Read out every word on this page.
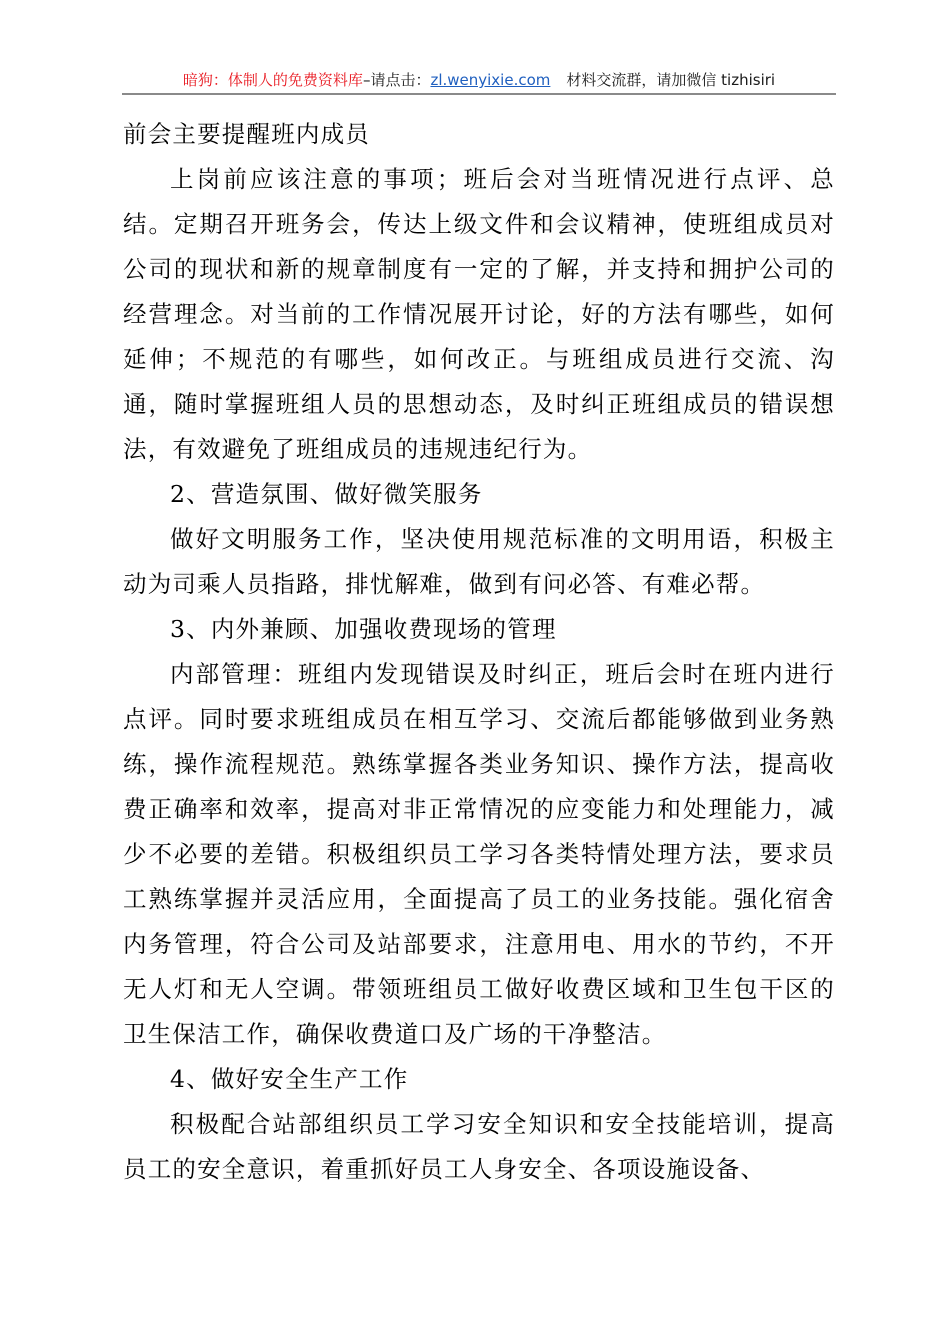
暗狗：体制人的免费资料库–请点击：zl.wenyixie.com 材料交流群，请加微信 tizhisiri

前会主要提醒班内成员

上岗前应该注意的事项；班后会对当班情况进行点评、总结。定期召开班务会，传达上级文件和会议精神，使班组成员对公司的现状和新的规章制度有一定的了解，并支持和拥护公司的经营理念。对当前的工作情况展开讨论，好的方法有哪些，如何延伸；不规范的有哪些，如何改正。与班组成员进行交流、沟通，随时掌握班组人员的思想动态，及时纠正班组成员的错误想法，有效避免了班组成员的违规违纪行为。

2、营造氛围、做好微笑服务

做好文明服务工作，坚决使用规范标准的文明用语，积极主动为司乘人员指路，排忧解难，做到有问必答、有难必帮。

3、内外兼顾、加强收费现场的管理

内部管理：班组内发现错误及时纠正，班后会时在班内进行点评。同时要求班组成员在相互学习、交流后都能够做到业务熟练，操作流程规范。熟练掌握各类业务知识、操作方法，提高收费正确率和效率，提高对非正常情况的应变能力和处理能力，减少不必要的差错。积极组织员工学习各类特情处理方法，要求员工熟练掌握并灵活应用，全面提高了员工的业务技能。强化宿舍内务管理，符合公司及站部要求，注意用电、用水的节约，不开无人灯和无人空调。带领班组员工做好收费区域和卫生包干区的卫生保洁工作，确保收费道口及广场的干净整洁。

4、做好安全生产工作

积极配合站部组织员工学习安全知识和安全技能培训，提高员工的安全意识，着重抓好员工人身安全、各项设施设备、
